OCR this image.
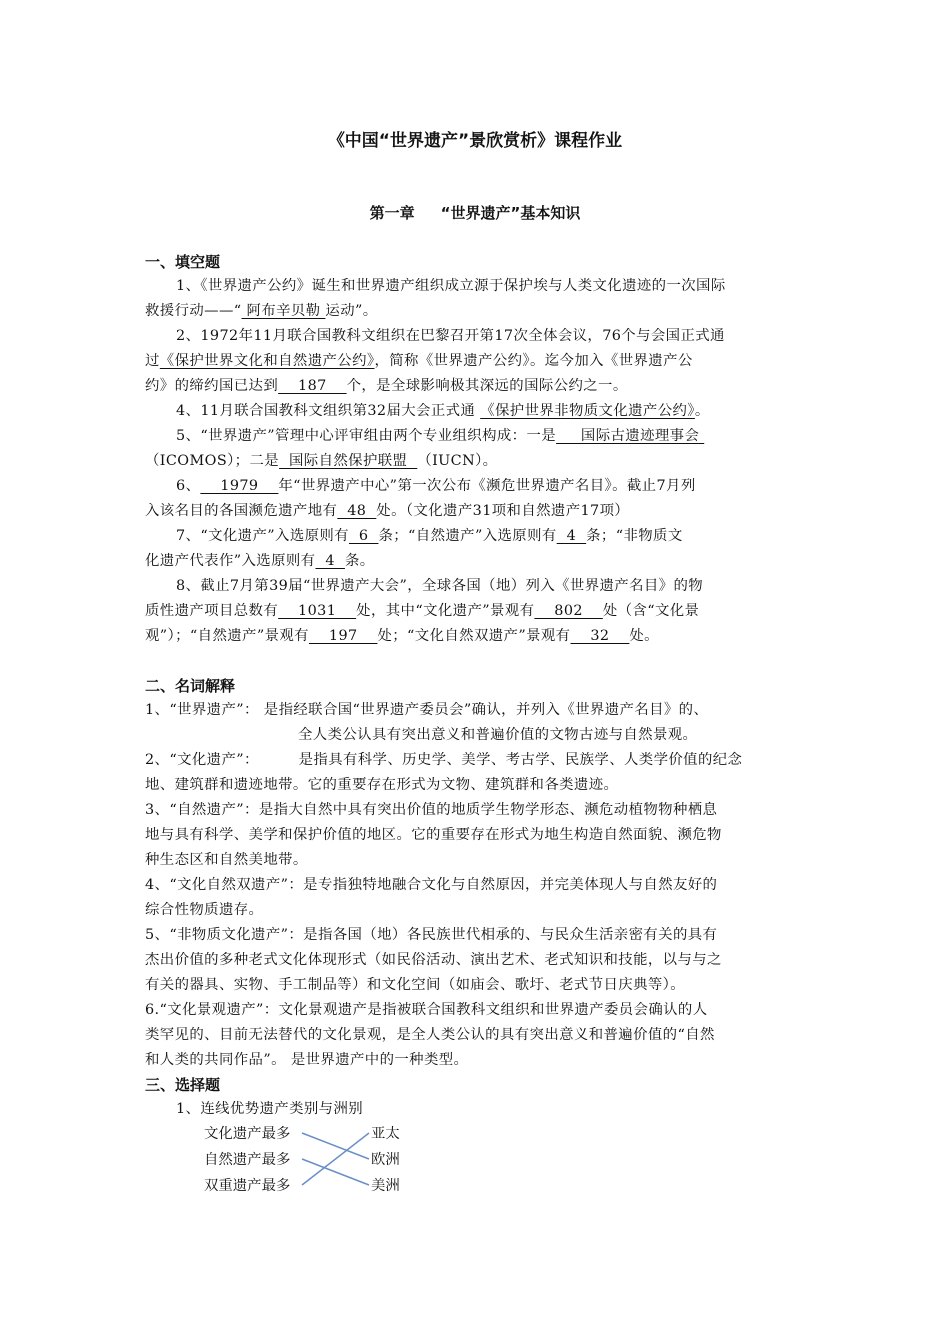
《中国“世界遗产”景欣赏析》课程作业
第一章 “世界遗产”基本知识
一、填空题
1、《世界遗产公约》诞生和世界遗产组织成立源于保护埃与人类文化遗迹的一次国际
救援行动——“ 阿布辛贝勒 运动”。
2、1972年11月联合国教科文组织在巴黎召开第17次全体会议，76个与会国正式通
过《保护世界文化和自然遗产公约》，简称《世界遗产公约》。迄今加入《世界遗产公
约》的缔约国已达到    187    个，是全球影响极其深远的国际公约之一。
4、11月联合国教科文组织第32届大会正式通 《保护世界非物质文化遗产公约》。
5、“世界遗产”管理中心评审组由两个专业组织构成：一是     国际古遗迹理事会
（ICOMOS）；二是  国际自然保护联盟  （IUCN）。
6、    1979    年“世界遗产中心”第一次公布《濒危世界遗产名目》。截止7月列
入该名目的各国濒危遗产地有  48  处。（文化遗产31项和自然遗产17项）
7、“文化遗产”入选原则有  6  条；“自然遗产”入选原则有  4  条；“非物质文
化遗产代表作”入选原则有  4  条。
8、截止7月第39届“世界遗产大会”，全球各国（地）列入《世界遗产名目》的物
质性遗产项目总数有    1031    处，其中“文化遗产”景观有    802    处（含“文化景
观”）；“自然遗产”景观有    197    处；“文化自然双遗产”景观有    32    处。
二、名词解释
1、“世界遗产”： 是指经联合国“世界遗产委员会”确认，并列入《世界遗产名目》的、
全人类公认具有突出意义和普遍价值的文物古迹与自然景观。
2、“文化遗产”：        是指具有科学、历史学、美学、考古学、民族学、人类学价值的纪念
地、建筑群和遗迹地带。它的重要存在形式为文物、建筑群和各类遗迹。
3、“自然遗产”：是指大自然中具有突出价值的地质学生物学形态、濒危动植物物种栖息
地与具有科学、美学和保护价值的地区。它的重要存在形式为地生构造自然面貌、濒危物
种生态区和自然美地带。
4、“文化自然双遗产”：是专指独特地融合文化与自然原因，并完美体现人与自然友好的
综合性物质遗存。
5、“非物质文化遗产”：是指各国（地）各民族世代相承的、与民众生活亲密有关的具有
杰出价值的多种老式文化体现形式（如民俗活动、演出艺术、老式知识和技能，以与与之
有关的器具、实物、手工制品等）和文化空间（如庙会、歌圩、老式节日庆典等）。
6.“文化景观遗产”：文化景观遗产是指被联合国教科文组织和世界遗产委员会确认的人
类罕见的、目前无法替代的文化景观，是全人类公认的具有突出意义和普遍价值的“自然
和人类的共同作品”。 是世界遗产中的一种类型。
三、选择题
1、连线优势遗产类别与洲别
文化遗产最多
自然遗产最多
双重遗产最多
亚太
欧洲
美洲
